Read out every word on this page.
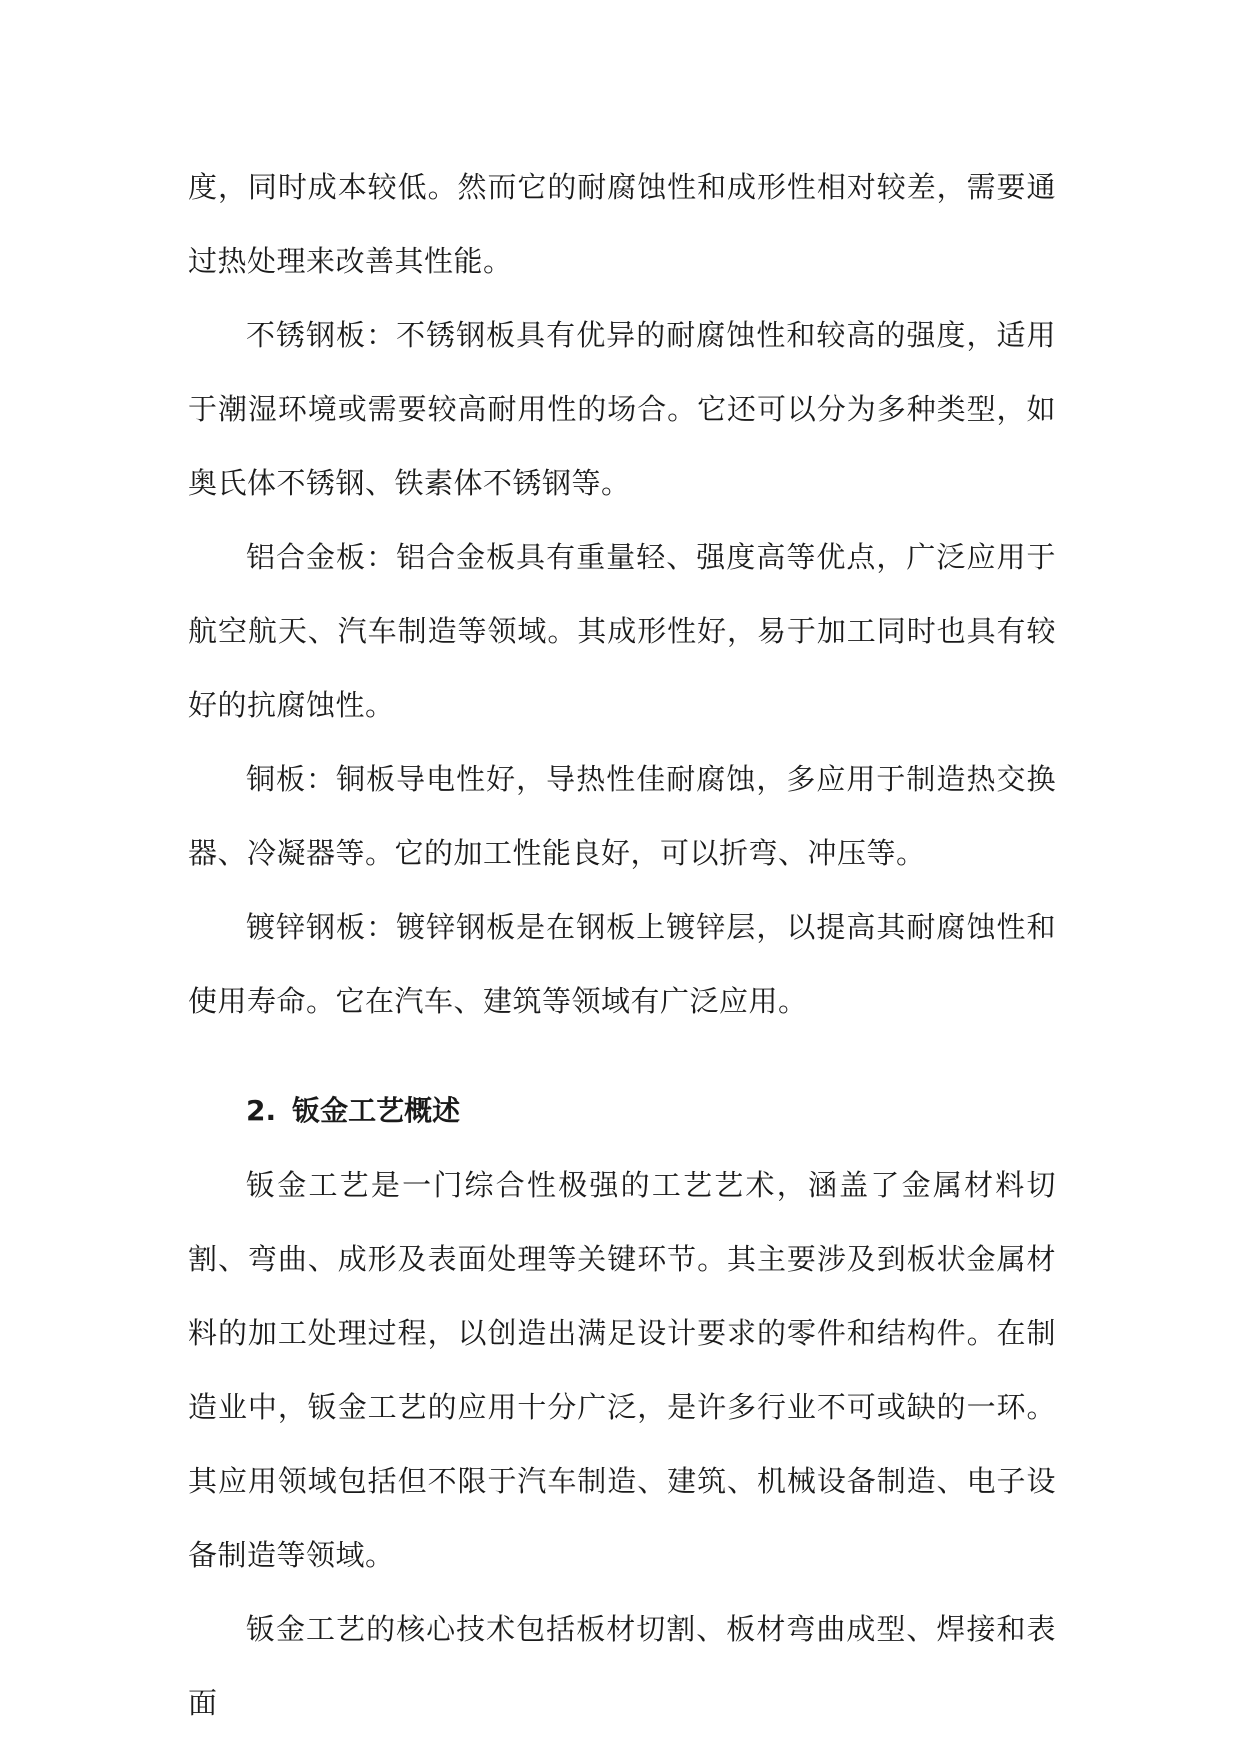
度，同时成本较低。然而它的耐腐蚀性和成形性相对较差，需要通过热处理来改善其性能。

不锈钢板：不锈钢板具有优异的耐腐蚀性和较高的强度，适用于潮湿环境或需要较高耐用性的场合。它还可以分为多种类型，如奥氏体不锈钢、铁素体不锈钢等。

铝合金板：铝合金板具有重量轻、强度高等优点，广泛应用于航空航天、汽车制造等领域。其成形性好，易于加工同时也具有较好的抗腐蚀性。

铜板：铜板导电性好，导热性佳耐腐蚀，多应用于制造热交换器、冷凝器等。它的加工性能良好，可以折弯、冲压等。

镀锌钢板：镀锌钢板是在钢板上镀锌层，以提高其耐腐蚀性和使用寿命。它在汽车、建筑等领域有广泛应用。

2. 钣金工艺概述

钣金工艺是一门综合性极强的工艺艺术，涵盖了金属材料切割、弯曲、成形及表面处理等关键环节。其主要涉及到板状金属材料的加工处理过程，以创造出满足设计要求的零件和结构件。在制造业中，钣金工艺的应用十分广泛，是许多行业不可或缺的一环。其应用领域包括但不限于汽车制造、建筑、机械设备制造、电子设备制造等领域。

钣金工艺的核心技术包括板材切割、板材弯曲成型、焊接和表面
